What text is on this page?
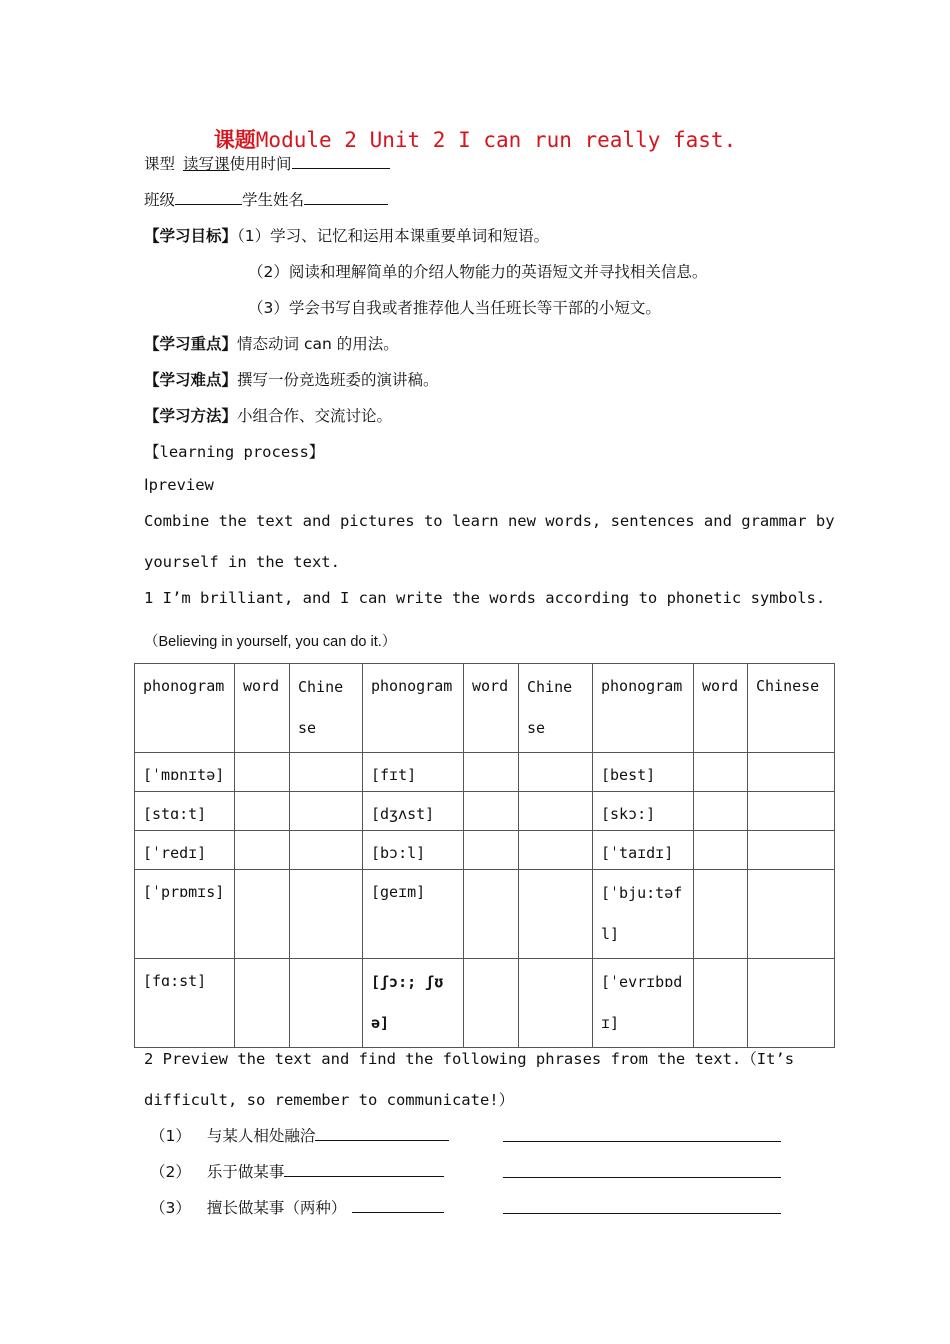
课题Module 2 Unit 2 I can run really fast.
课型 读写课使用时间
班级	学生姓名
【学习目标】（1）学习、记忆和运用本课重要单词和短语。
（2）阅读和理解简单的介绍人物能力的英语短文并寻找相关信息。
（3）学会书写自我或者推荐他人当任班长等干部的小短文。
【学习重点】情态动词 can 的用法。
【学习难点】撰写一份竞选班委的演讲稿。
【学习方法】小组合作、交流讨论。
【learning process】
Ⅰpreview
Combine the text and pictures to learn new words, sentences and grammar by
yourself in the text.
1 I’m brilliant, and I can write the words according to phonetic symbols.
（Believing in yourself, you can do it.）
phonogram	word	Chinese	phonogram	word	Chinese	phonogram	word	Chinese

[ˈmɒnɪtə]			[fɪt]			[best]		

[stɑ:t]			[dʒʌst]			[skɔ:]		

[ˈredɪ]			[bɔ:l]			[ˈtaɪdɪ]		

[ˈprɒmɪs]			[geɪm]			[ˈbju:təfl]		

[fɑ:st]			[ʃɔ:; ʃʊə]			[ˈevrɪbɒdɪ]		

2 Preview the text and find the following phrases from the text.（It’s
difficult, so remember to communicate!）
（1） 与某人相处融洽
（2） 乐于做某事
（3） 擅长做某事（两种）
